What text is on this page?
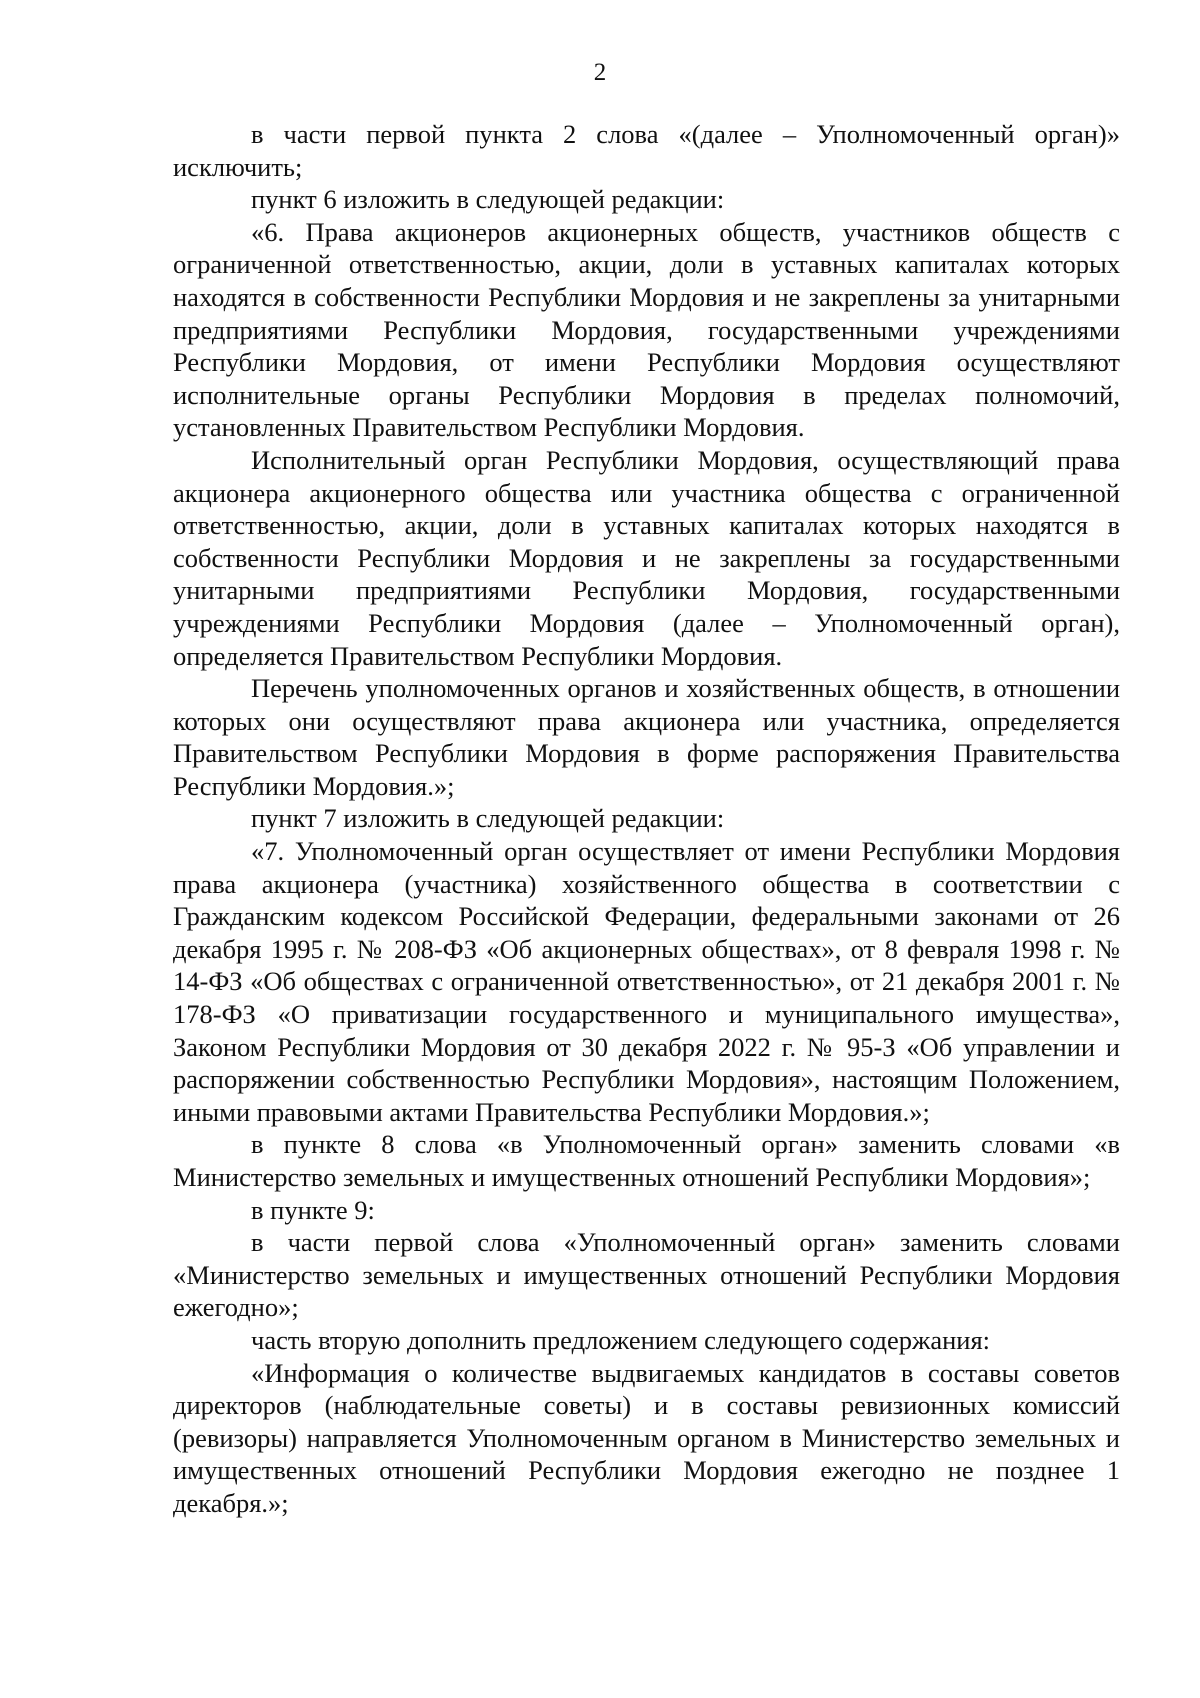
2

в части первой пункта 2 слова «(далее – Уполномоченный орган)» исключить;

пункт 6 изложить в следующей редакции:

«6. Права акционеров акционерных обществ, участников обществ с ограниченной ответственностью, акции, доли в уставных капиталах которых находятся в собственности Республики Мордовия и не закреплены за унитарными предприятиями Республики Мордовия, государственными учреждениями Республики Мордовия, от имени Республики Мордовия осуществляют исполнительные органы Республики Мордовия в пределах полномочий, установленных Правительством Республики Мордовия.

Исполнительный орган Республики Мордовия, осуществляющий права акционера акционерного общества или участника общества с ограниченной ответственностью, акции, доли в уставных капиталах которых находятся в собственности Республики Мордовия и не закреплены за государственными унитарными предприятиями Республики Мордовия, государственными учреждениями Республики Мордовия (далее – Уполномоченный орган), определяется Правительством Республики Мордовия.

Перечень уполномоченных органов и хозяйственных обществ, в отношении которых они осуществляют права акционера или участника, определяется Правительством Республики Мордовия в форме распоряжения Правительства Республики Мордовия.»;

пункт 7 изложить в следующей редакции:

«7. Уполномоченный орган осуществляет от имени Республики Мордовия права акционера (участника) хозяйственного общества в соответствии с Гражданским кодексом Российской Федерации, федеральными законами от 26 декабря 1995 г. № 208-ФЗ «Об акционерных обществах», от 8 февраля 1998 г. № 14-ФЗ «Об обществах с ограниченной ответственностью», от 21 декабря 2001 г. № 178-ФЗ «О приватизации государственного и муниципального имущества», Законом Республики Мордовия от 30 декабря 2022 г. № 95-З «Об управлении и распоряжении собственностью Республики Мордовия», настоящим Положением, иными правовыми актами Правительства Республики Мордовия.»;

в пункте 8 слова «в Уполномоченный орган» заменить словами «в Министерство земельных и имущественных отношений Республики Мордовия»;

в пункте 9:

в части первой слова «Уполномоченный орган» заменить словами «Министерство земельных и имущественных отношений Республики Мордовия ежегодно»;

часть вторую дополнить предложением следующего содержания:

«Информация о количестве выдвигаемых кандидатов в составы советов директоров (наблюдательные советы) и в составы ревизионных комиссий (ревизоры) направляется Уполномоченным органом в Министерство земельных и имущественных отношений Республики Мордовия ежегодно не позднее 1 декабря.»;
